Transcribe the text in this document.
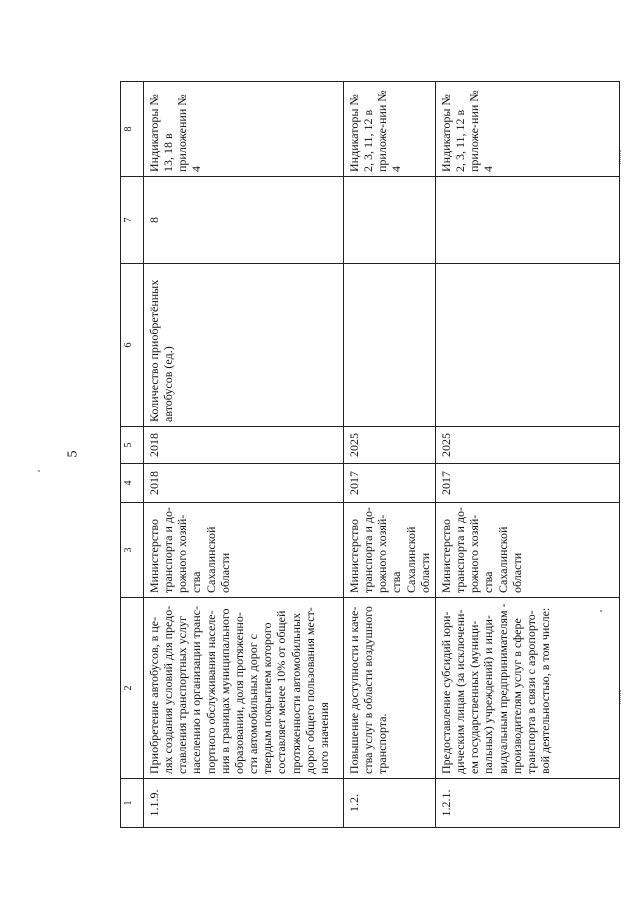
5
1	2	3	4	5	6	7	8
1.1.9.	Приобретение автобусов, в це-лях создания условий для предо-ставления транспортных услуг населению и организации транс-портного обслуживания населе-ния в границах муниципального образовании, доля протяженно-сти автомобильных дорог с твердым покрытием которого составляет менее 10% от общей протяженности автомобильных дорог общего пользования мест-ного значения	Министерство транспорта и до-рожного хозяй-ства Сахалинской области	2018	2018	Количество приобретённых автобусов (ед.)	8	Индикаторы № 13, 18 в приложении № 4
1.2.	Повышение доступности и каче-ства услуг в области воздушного транспорта.	Министерство транспорта и до-рожного хозяй-ства Сахалинской области	2017	2025			Индикаторы № 2, 3, 11, 12 в приложе-нии № 4
1.2.1.	Предоставление субсидий юри-дическим лицам (за исключени-ем государственных (муници-пальных) учреждений) и инди-видуальным предпринимателям - производителям услуг в сфере транспорта в связи с аэропорто-вой деятельностью, в том числе:	Министерство транспорта и до-рожного хозяй-ства Сахалинской области	2017	2025			Индикаторы № 2, 3, 11, 12 в приложе-нии № 4
